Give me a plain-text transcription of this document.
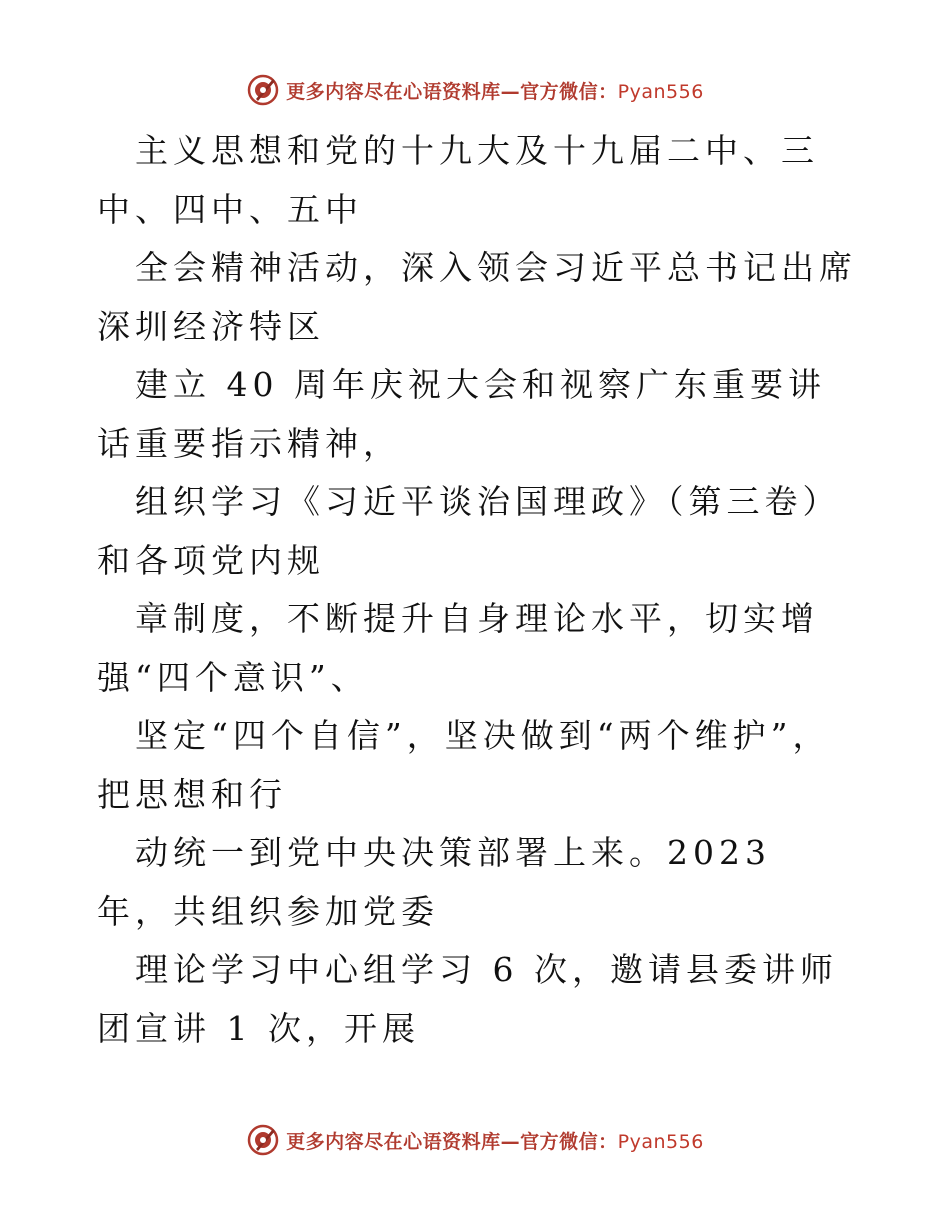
更多内容尽在心语资料库—官方微信：Pyan556

主义思想和党的十九大及十九届二中、三中、四中、五中

全会精神活动，深入领会习近平总书记出席深圳经济特区

建立 40 周年庆祝大会和视察广东重要讲话重要指示精神，

组织学习《习近平谈治国理政》（第三卷）和各项党内规

章制度，不断提升自身理论水平，切实增强“四个意识”、

坚定“四个自信”，坚决做到“两个维护”，把思想和行

动统一到党中央决策部署上来。2023 年，共组织参加党委

理论学习中心组学习 6 次，邀请县委讲师团宣讲 1 次，开展

更多内容尽在心语资料库—官方微信：Pyan556
